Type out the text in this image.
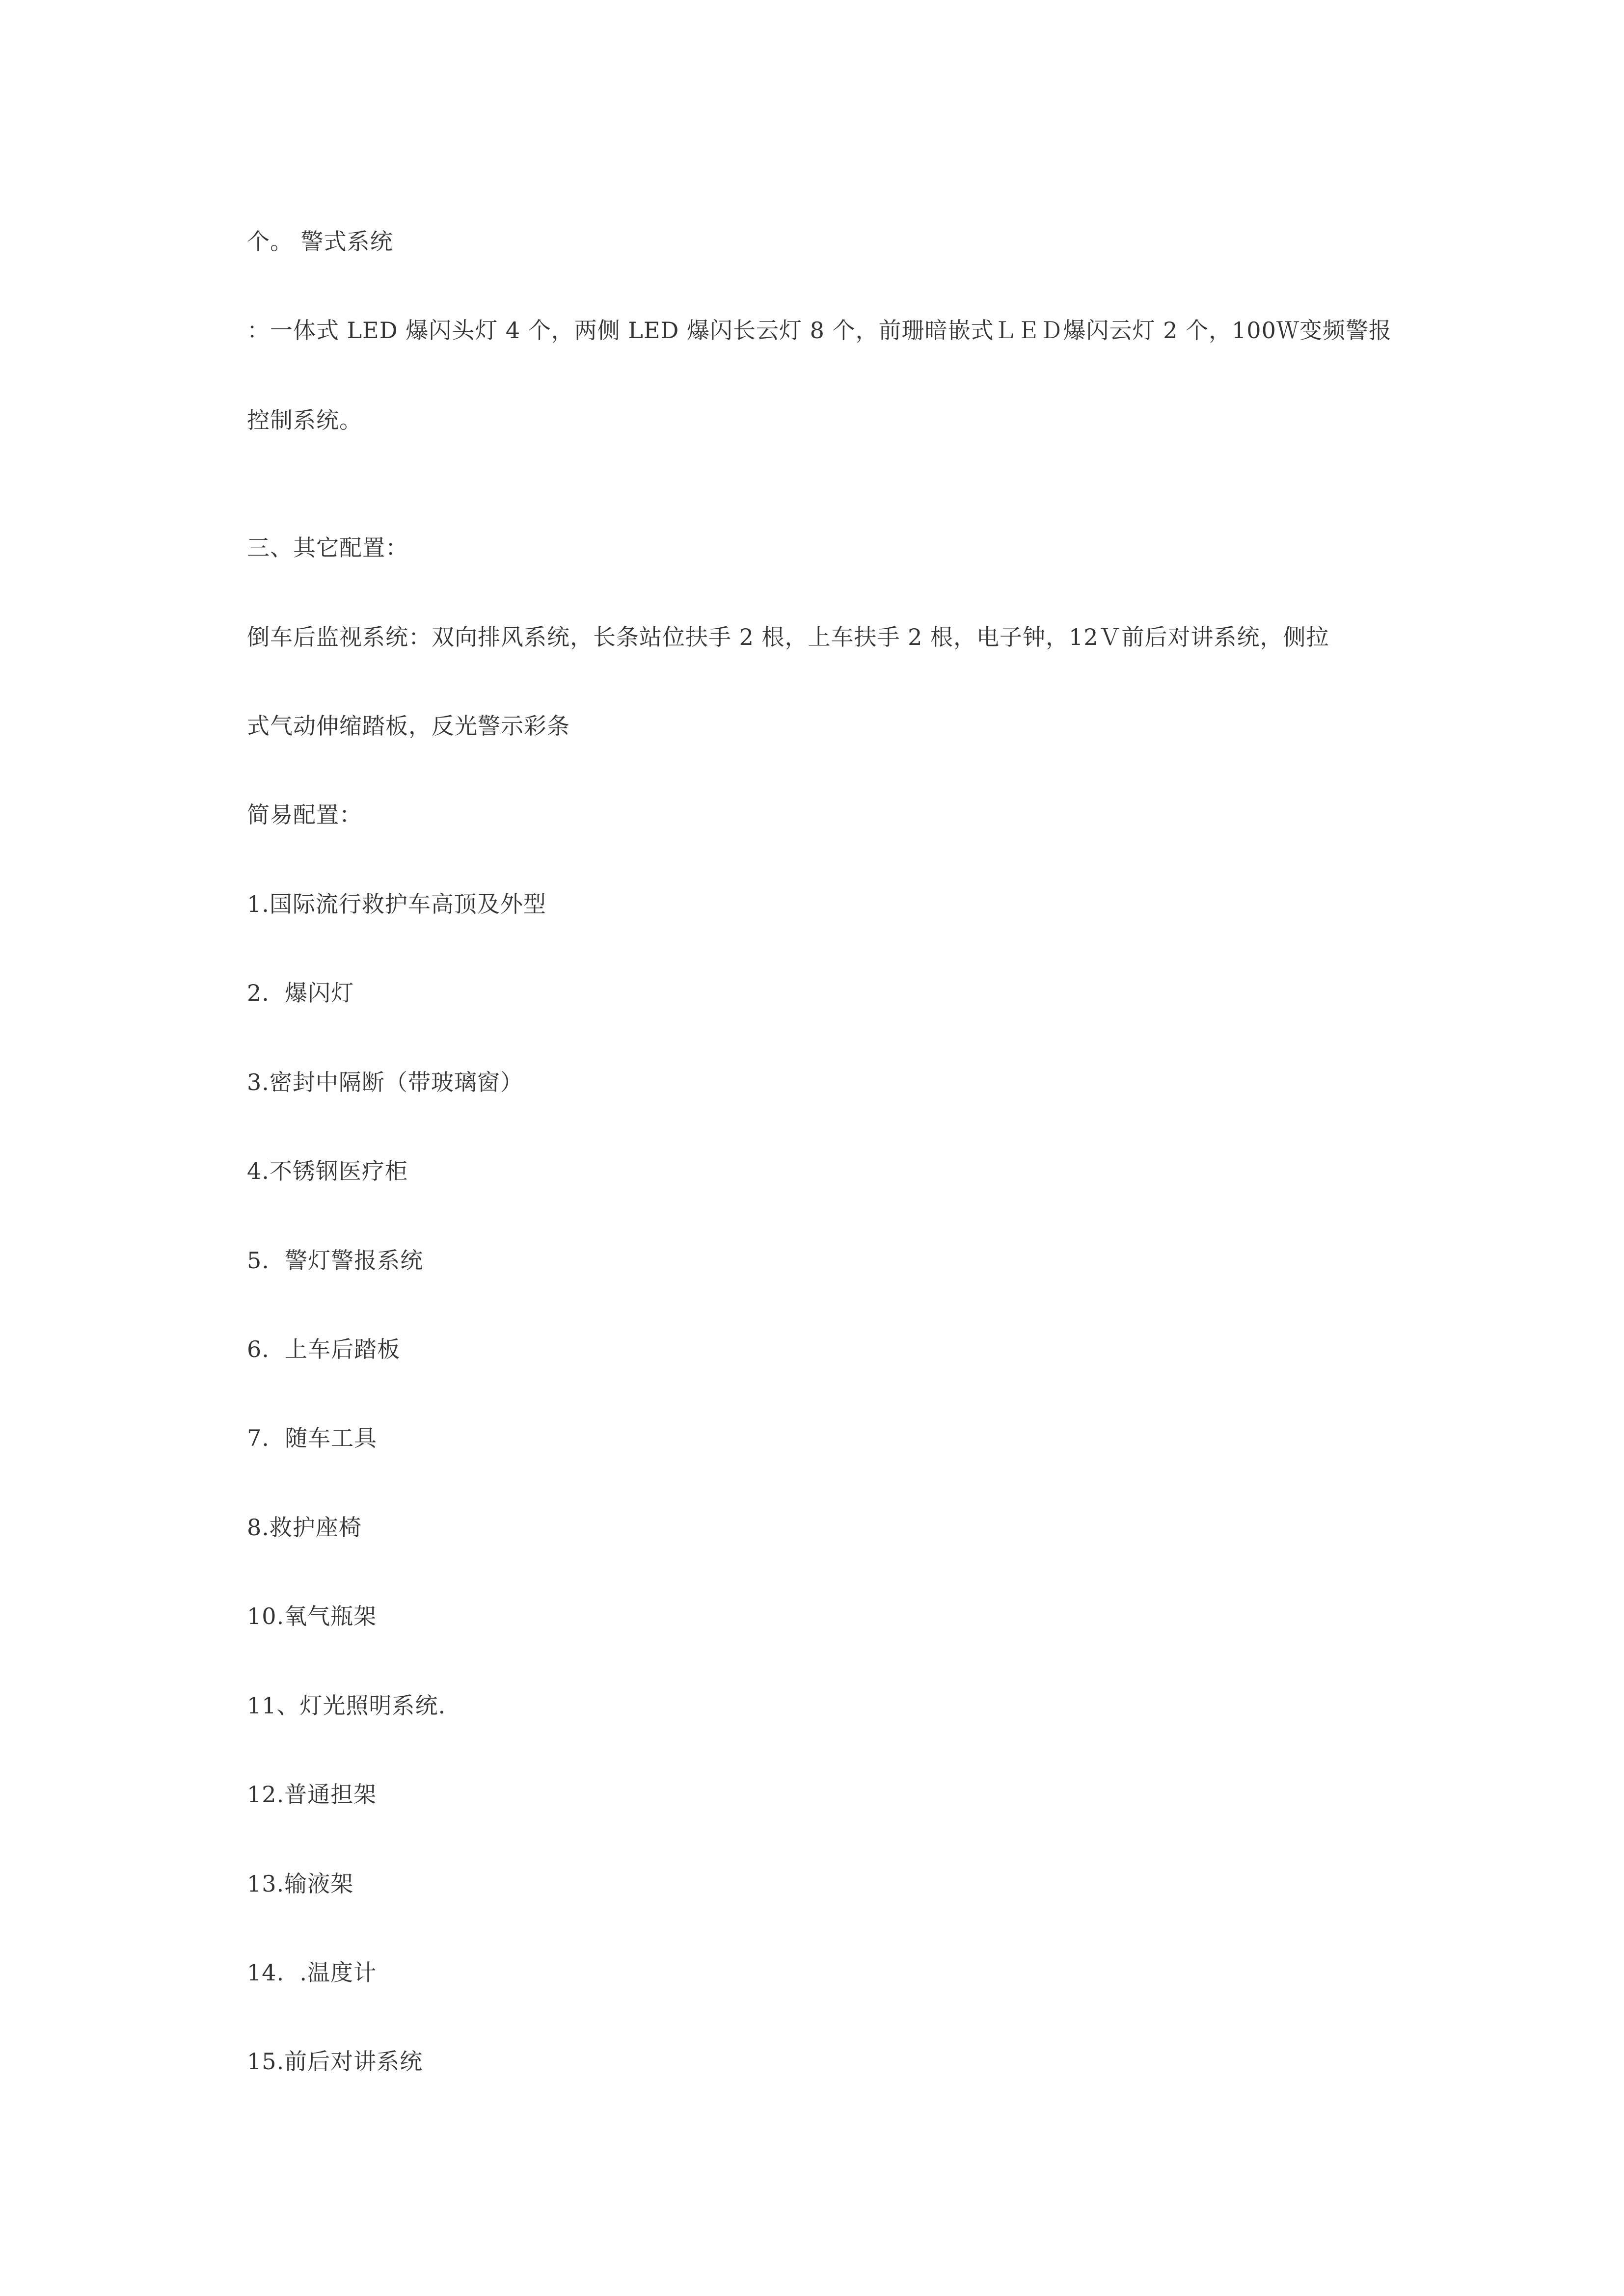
个。 警式系统
：一体式 LED 爆闪头灯 4 个，两侧 LED 爆闪长云灯 8 个，前珊暗嵌式ＬＥＤ爆闪云灯 2 个，100Ｗ变频警报
控制系统。
三、其它配置：
倒车后监视系统：双向排风系统，长条站位扶手 2 根，上车扶手 2 根，电子钟，12Ｖ前后对讲系统，侧拉
式气动伸缩踏板，反光警示彩条
简易配置：
1.国际流行救护车高顶及外型
2.  爆闪灯
3.密封中隔断（带玻璃窗）
4.不锈钢医疗柜
5.  警灯警报系统
6.  上车后踏板
7.  随车工具
8.救护座椅
10.氧气瓶架
11、灯光照明系统.
12.普通担架
13.输液架
14.  .温度计
15.前后对讲系统
